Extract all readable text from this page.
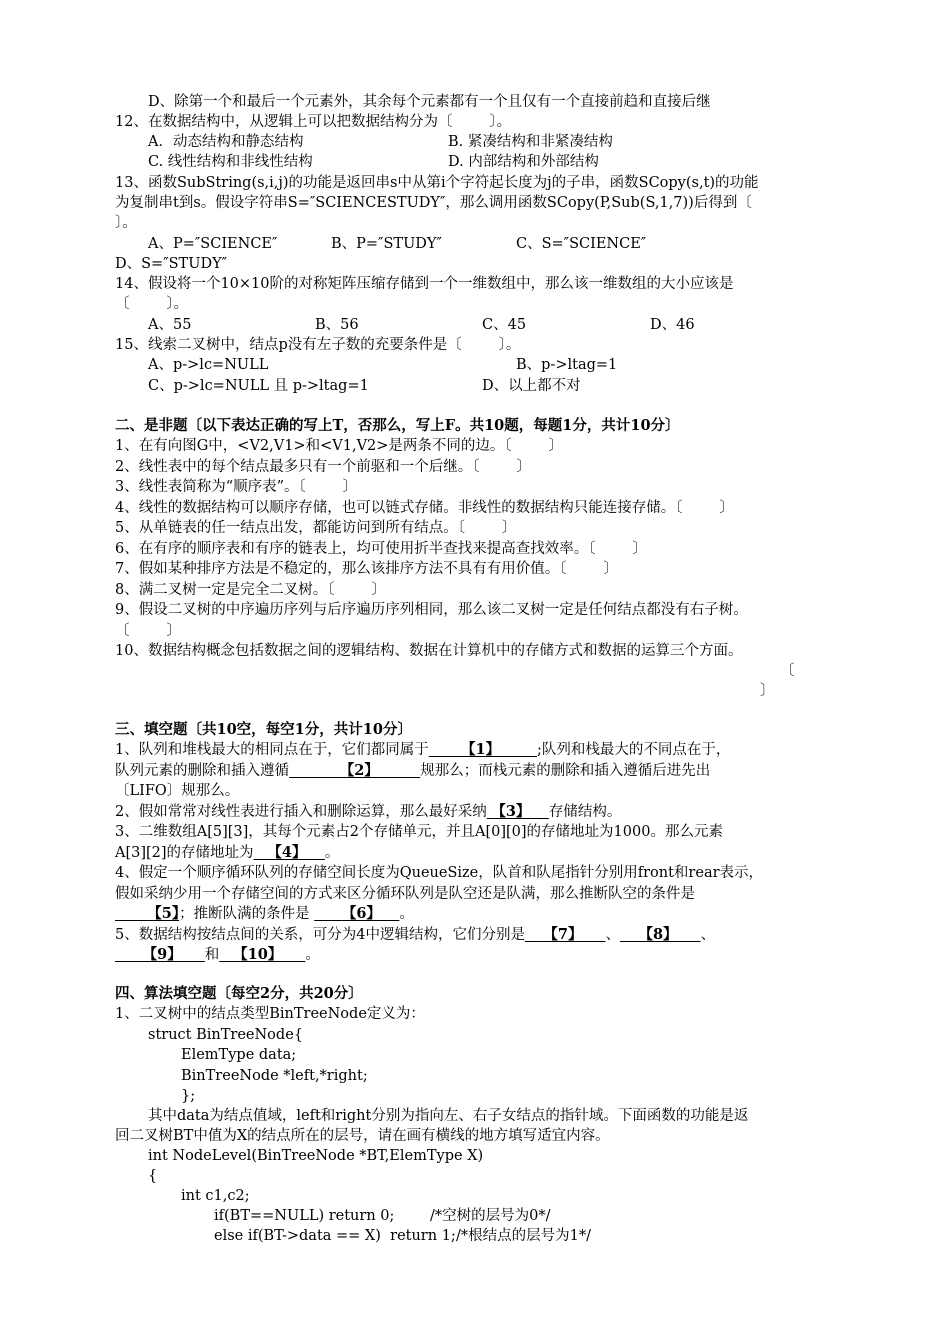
D、除第一个和最后一个元素外，其余每个元素都有一个且仅有一个直接前趋和直接后继
12、在数据结构中，从逻辑上可以把数据结构分为〔        〕。
A．动态结构和静态结构	B. 紧凑结构和非紧凑结构
C. 线性结构和非线性结构	D. 内部结构和外部结构
13、函数SubString(s,i,j)的功能是返回串s中从第i个字符起长度为j的子串，函数SCopy(s,t)的功能
为复制串t到s。假设字符串S=″SCIENCESTUDY″，那么调用函数SCopy(P,Sub(S,1,7))后得到〔
〕。
A、P=″SCIENCE″	B、P=″STUDY″	C、S=″SCIENCE″
D、S=″STUDY″
14、假设将一个10×10阶的对称矩阵压缩存储到一个一维数组中，那么该一维数组的大小应该是
〔        〕。
A、55	B、56	C、45	D、46
15、线索二叉树中，结点p没有左子数的充要条件是〔        〕。
A、p->lc=NULL	B、p->ltag=1
C、p->lc=NULL 且 p->ltag=1	D、以上都不对
二、是非题〔以下表达正确的写上T，否那么，写上F。共10题，每题1分，共计10分〕
1、在有向图G中，<V2,V1>和<V1,V2>是两条不同的边。〔        〕
2、线性表中的每个结点最多只有一个前驱和一个后继。〔        〕
3、线性表简称为“顺序表”。〔        〕
4、线性的数据结构可以顺序存储，也可以链式存储。非线性的数据结构只能连接存储。〔        〕
5、从单链表的任一结点出发，都能访问到所有结点。〔        〕
6、在有序的顺序表和有序的链表上，均可使用折半查找来提高查找效率。〔        〕
7、假如某种排序方法是不稳定的，那么该排序方法不具有有用价值。〔        〕
8、满二叉树一定是完全二叉树。〔        〕
9、假设二叉树的中序遍历序列与后序遍历序列相同，那么该二叉树一定是任何结点都没有右子树。
〔        〕
10、数据结构概念包括数据之间的逻辑结构、数据在计算机中的存储方式和数据的运算三个方面。
〔
〕
三、填空题〔共10空，每空1分，共计10分〕
1、队列和堆栈最大的相同点在于，它们都同属于 【1】	;队列和栈最大的不同点在于，
队列元素的删除和插入遵循	【2】	规那么；而栈元素的删除和插入遵循后进先出
〔LIFO〕规那么。
2、假如常常对线性表进行插入和删除运算，那么最好采纳 【3】 存储结构。
3、二维数组A[5][3]，其每个元素占2个存储单元，并且A[0][0]的存储地址为1000。那么元素
A[3][2]的存储地址为 【4】 。
4、假定一个顺序循环队列的存储空间长度为QueueSize，队首和队尾指针分别用front和rear表示，
假如采纳少用一个存储空间的方式来区分循环队列是队空还是队满，那么推断队空的条件是
【5】；推断队满的条件是 【6】 。
5、数据结构按结点间的关系，可分为4中逻辑结构，它们分别是 【7】 、 【8】 、
【9】 和 【10】 。
四、算法填空题〔每空2分，共20分〕
1、二叉树中的结点类型BinTreeNode定义为：
struct BinTreeNode{
ElemType data;
BinTreeNode *left,*right;
};
其中data为结点值域，left和right分别为指向左、右子女结点的指针域。下面函数的功能是返
回二叉树BT中值为X的结点所在的层号，请在画有横线的地方填写适宜内容。
int NodeLevel(BinTreeNode *BT,ElemType X)
{
int c1,c2;
if(BT==NULL) return 0; /*空树的层号为0*/
else if(BT->data == X)  return 1; /*根结点的层号为1*/
